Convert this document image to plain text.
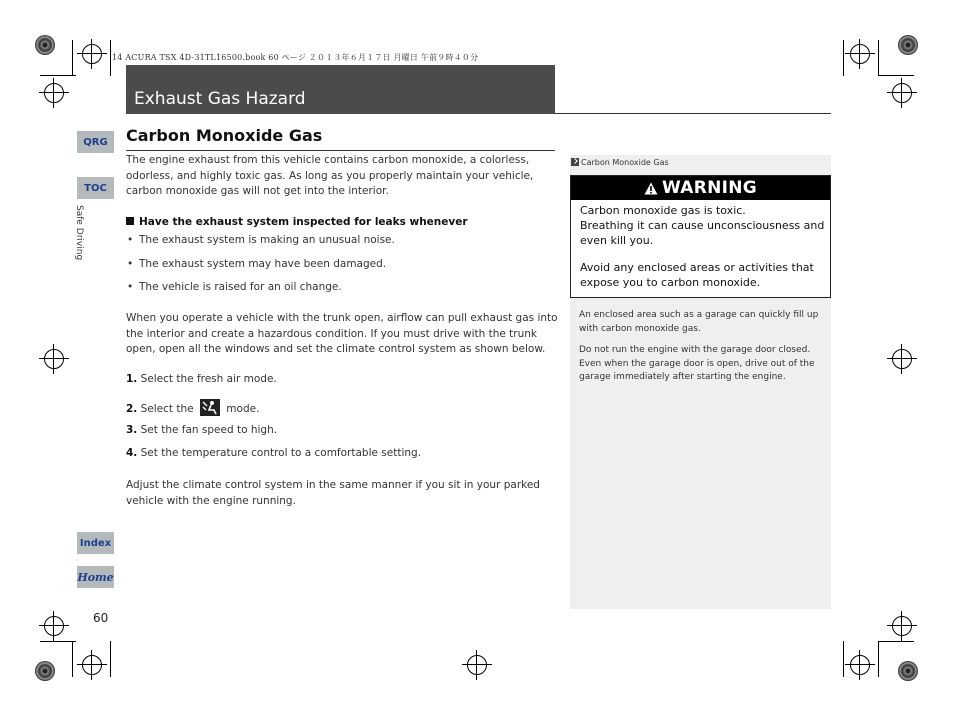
14 ACURA TSX 4D-31TL16500.book 60 ページ ２０１３年６月１７日 月曜日 午前９時４０分
Exhaust Gas Hazard
QRG
TOC
Safe Driving
Index
Home
60
Carbon Monoxide Gas
The engine exhaust from this vehicle contains carbon monoxide, a colorless, odorless, and highly toxic gas. As long as you properly maintain your vehicle, carbon monoxide gas will not get into the interior.
Have the exhaust system inspected for leaks whenever
• The exhaust system is making an unusual noise.
• The exhaust system may have been damaged.
• The vehicle is raised for an oil change.
When you operate a vehicle with the trunk open, airflow can pull exhaust gas into the interior and create a hazardous condition. If you must drive with the trunk open, open all the windows and set the climate control system as shown below.
1. Select the fresh air mode.
2. Select the	mode.
3. Set the fan speed to high.
4. Set the temperature control to a comfortable setting.
Adjust the climate control system in the same manner if you sit in your parked vehicle with the engine running.
Carbon Monoxide Gas
WARNING

Carbon monoxide gas is toxic.

Breathing it can cause unconsciousness and even kill you.

Avoid any enclosed areas or activities that expose you to carbon monoxide.

An enclosed area such as a garage can quickly fill up with carbon monoxide gas.
Do not run the engine with the garage door closed. Even when the garage door is open, drive out of the garage immediately after starting the engine.
